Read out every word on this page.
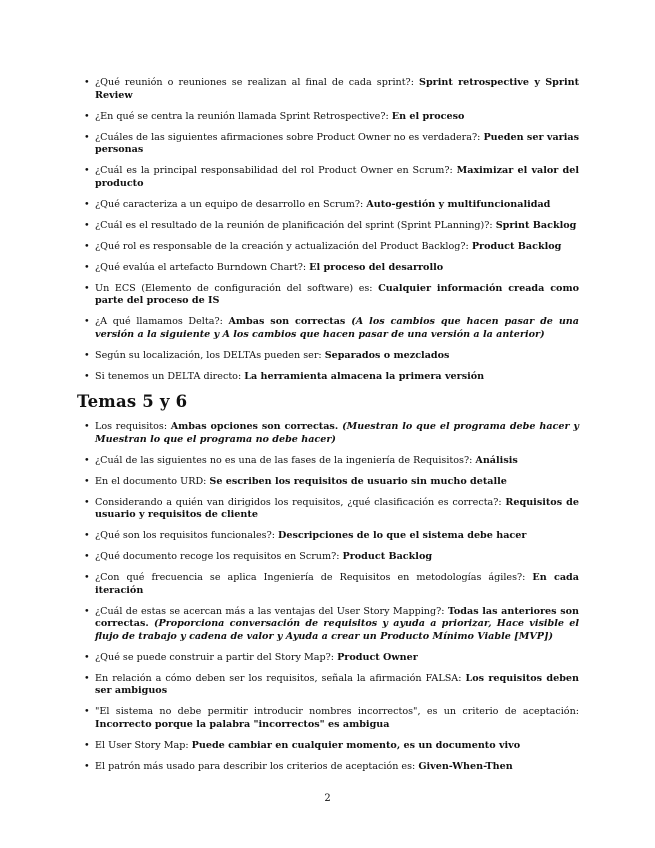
• ¿Qué reunión o reuniones se realizan al final de cada sprint?: Sprint retrospective y Sprint Review
• ¿En qué se centra la reunión llamada Sprint Retrospective?: En el proceso
• ¿Cuáles de las siguientes afirmaciones sobre Product Owner no es verdadera?: Pueden ser varias personas
• ¿Cuál es la principal responsabilidad del rol Product Owner en Scrum?: Maximizar el valor del producto
• ¿Qué caracteriza a un equipo de desarrollo en Scrum?: Auto-gestión y multifuncionalidad
• ¿Cuál es el resultado de la reunión de planificación del sprint (Sprint PLanning)?: Sprint Backlog
• ¿Qué rol es responsable de la creación y actualización del Product Backlog?: Product Backlog
• ¿Qué evalúa el artefacto Burndown Chart?: El proceso del desarrollo
• Un ECS (Elemento de configuración del software) es: Cualquier información creada como parte del proceso de IS
• ¿A qué llamamos Delta?: Ambas son correctas (A los cambios que hacen pasar de una versión a la siguiente y A los cambios que hacen pasar de una versión a la anterior)
• Según su localización, los DELTAs pueden ser: Separados o mezclados
• Si tenemos un DELTA directo: La herramienta almacena la primera versión
Temas 5 y 6
• Los requisitos: Ambas opciones son correctas. (Muestran lo que el programa debe hacer y Muestran lo que el programa no debe hacer)
• ¿Cuál de las siguientes no es una de las fases de la ingeniería de Requisitos?: Análisis
• En el documento URD: Se escriben los requisitos de usuario sin mucho detalle
• Considerando a quién van dirigidos los requisitos, ¿qué clasificación es correcta?: Requisitos de usuario y requisitos de cliente
• ¿Qué son los requisitos funcionales?: Descripciones de lo que el sistema debe hacer
• ¿Qué documento recoge los requisitos en Scrum?: Product Backlog
• ¿Con qué frecuencia se aplica Ingeniería de Requisitos en metodologías ágiles?: En cada iteración
• ¿Cuál de estas se acercan más a las ventajas del User Story Mapping?: Todas las anteriores son correctas. (Proporciona conversación de requisitos y ayuda a priorizar, Hace visible el flujo de trabajo y cadena de valor y Ayuda a crear un Producto Mínimo Viable [MVP])
• ¿Qué se puede construir a partir del Story Map?: Product Owner
• En relación a cómo deben ser los requisitos, señala la afirmación FALSA: Los requisitos deben ser ambiguos
• "El sistema no debe permitir introducir nombres incorrectos", es un criterio de aceptación: Incorrecto porque la palabra "incorrectos" es ambigua
• El User Story Map: Puede cambiar en cualquier momento, es un documento vivo
• El patrón más usado para describir los criterios de aceptación es: Given-When-Then
2
